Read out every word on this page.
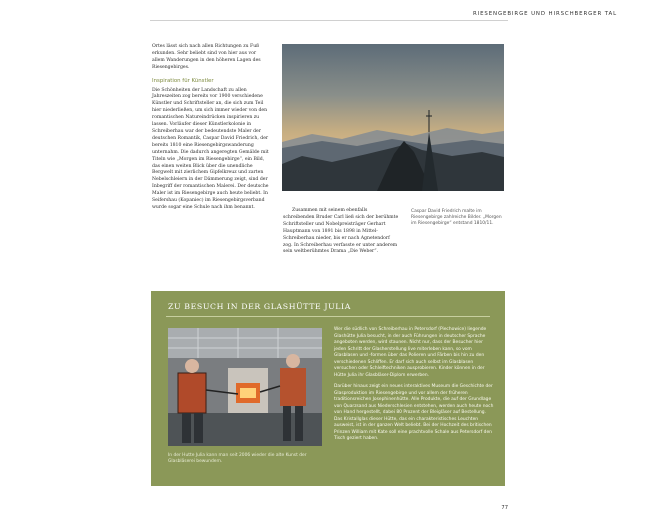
RIESENGEBIRGE UND HIRSCHBERGER TAL

Ortes lässt sich nach allen Richtungen zu Fuß erkunden. Sehr beliebt sind von hier aus vor allem Wanderungen in den höheren Lagen des Riesengebirges.

Inspiration für Künstler

Die Schönheiten der Landschaft zu allen Jahreszeiten zog bereits vor 1900 verschiedene Künstler und Schriftsteller an, die sich zum Teil hier niederließen, um sich immer wieder von den romantischen Natureindrücken inspirieren zu lassen. Vorläufer dieser Künstlerkolonie in Schreiberhau war der bedeutendste Maler der deutschen Romantik, Caspar David Friedrich, der bereits 1810 eine Riesengebirgswanderung unternahm. Die dadurch angeregten Gemälde mit Titeln wie „Morgen im Riesengebirge“, ein Bild, das einen weiten Blick über die unendliche Bergwelt mit zierlichem Gipfelkreuz und zarten Nebelschleiern in der Dämmerung zeigt, sind der Inbegriff der romantischen Malerei. Der deutsche Maler ist im Riesengebirge auch heute beliebt. In Seifershau (Kopaniec) im Riesengebirgsverband wurde sogar eine Schule nach ihm benannt.

Zusammen mit seinem ebenfalls schreibenden Bruder Carl ließ sich der berühmte Schriftsteller und Nobelpreisträger Gerhart Hauptmann von 1891 bis 1898 in Mittel-Schreiberhau nieder, bis er nach Agnetendorf zog. In Schreiberhau verfasste er unter anderem sein weltberühmtes Drama „Die Weber“.

Caspar David Friedrich malte im Riesengebirge zahlreiche Bilder. „Morgen im Riesengebirge“ entstand 1810/11.
ZU BESUCH IN DER GLASHÜTTE JULIA
In der Hutte Julia kann man seit 2006 wieder die alte Kunst der Glasbläserei bewundern.

Wer die südlich von Schreiberhau in Petersdorf (Piechowice) liegende Glashütte Julia besucht, in der auch Führungen in deutscher Sprache angeboten werden, wird staunen. Nicht nur, dass der Besucher hier jeden Schritt der Glasherstellung live miterleben kann, so vom Glasblasen und -formen über das Polieren und Färben bis hin zu den verschiedenen Schliffen. Er darf sich auch selbst im Glasblasen versuchen oder Schleiftechniken ausprobieren. Kinder können in der Hütte Julia ihr Glasbläser-Diplom erwerben.

Darüber hinaus zeigt ein neues interaktives Museum die Geschichte der Glasproduktion im Riesengebirge und vor allem der früheren traditionsreichen Josephinenhütte. Alle Produkte, die auf der Grundlage von Quarzsand aus Niederschlesien entstehen, werden auch heute noch von Hand hergestellt, dabei 80 Prozent der Bleigläser auf Bestellung. Das Kristallglas dieser Hütte, das ein charakteristisches Leuchten ausweist, ist in der ganzen Welt beliebt. Bei der Hochzeit des britischen Prinzen William mit Kate soll eine prachtvolle Schale aus Petersdorf den Tisch geziert haben.

77
